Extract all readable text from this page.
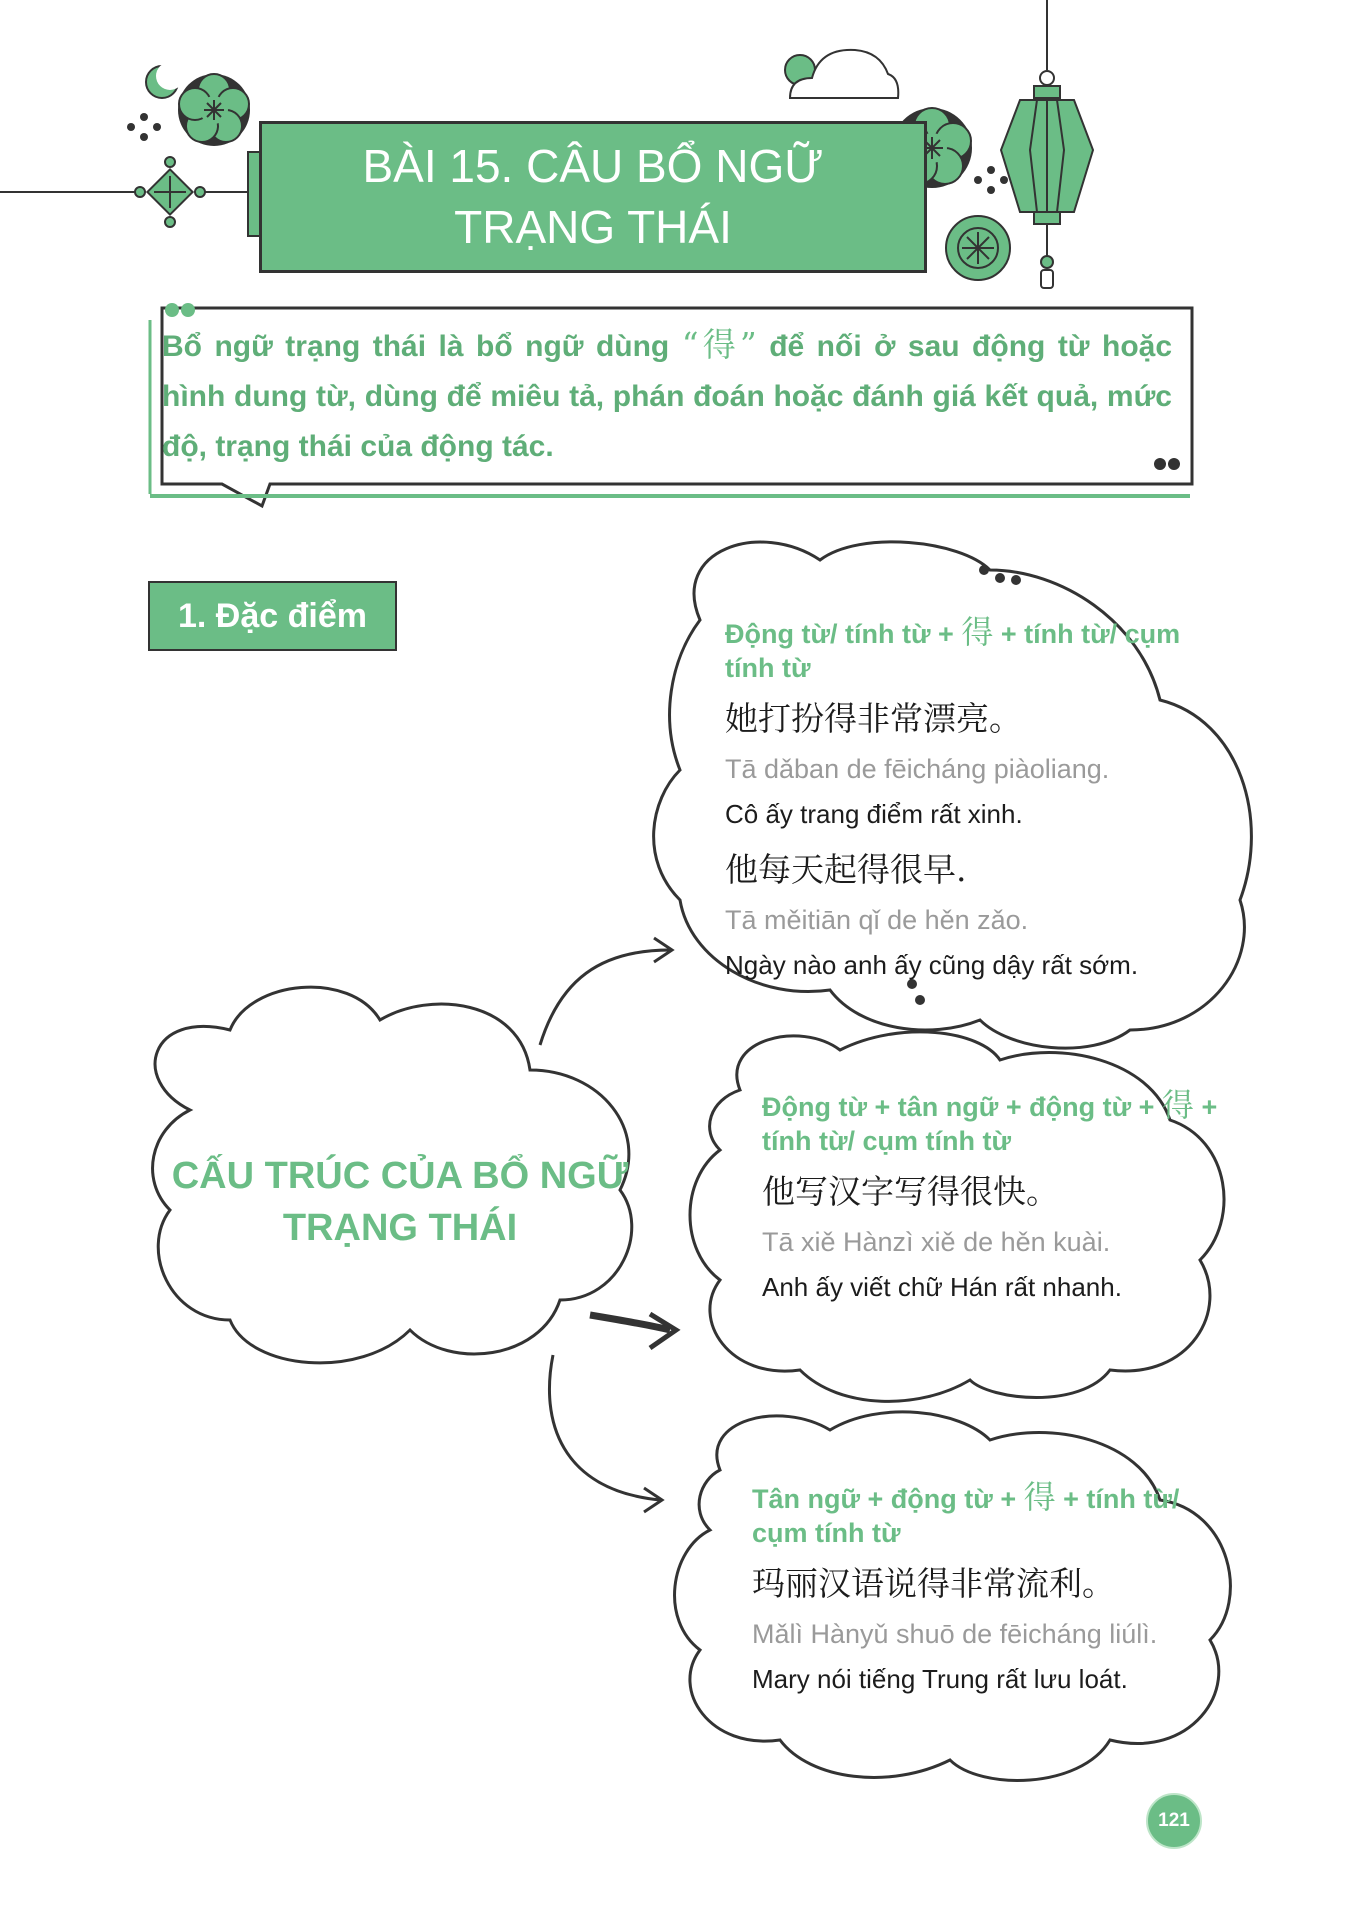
BÀI 15. CÂU BỔ NGỮ
TRẠNG THÁI
Bổ ngữ trạng thái là bổ ngữ dùng “得” để nối ở sau động từ hoặc hình dung từ, dùng để miêu tả, phán đoán hoặc đánh giá kết quả, mức độ, trạng thái của động tác.
1. Đặc điểm
CẤU TRÚC CỦA BỔ NGỮ
TRẠNG THÁI
Động từ/ tính từ + 得 + tính từ/ cụm tính từ
她打扮得非常漂亮。
Tā dǎban de fēicháng piàoliang.
Cô ấy trang điểm rất xinh.
他每天起得很早.
Tā měitiān qǐ de hěn zǎo.
Ngày nào anh ấy cũng dậy rất sớm.
Động từ + tân ngữ + động từ + 得 + tính từ/ cụm tính từ
他写汉字写得很快。
Tā xiě Hànzì xiě de hěn kuài.
Anh ấy viết chữ Hán rất nhanh.
Tân ngữ + động từ + 得 + tính từ/ cụm tính từ
玛丽汉语说得非常流利。
Mǎlì Hànyǔ shuō de fēicháng liúlì.
Mary nói tiếng Trung rất lưu loát.
121
